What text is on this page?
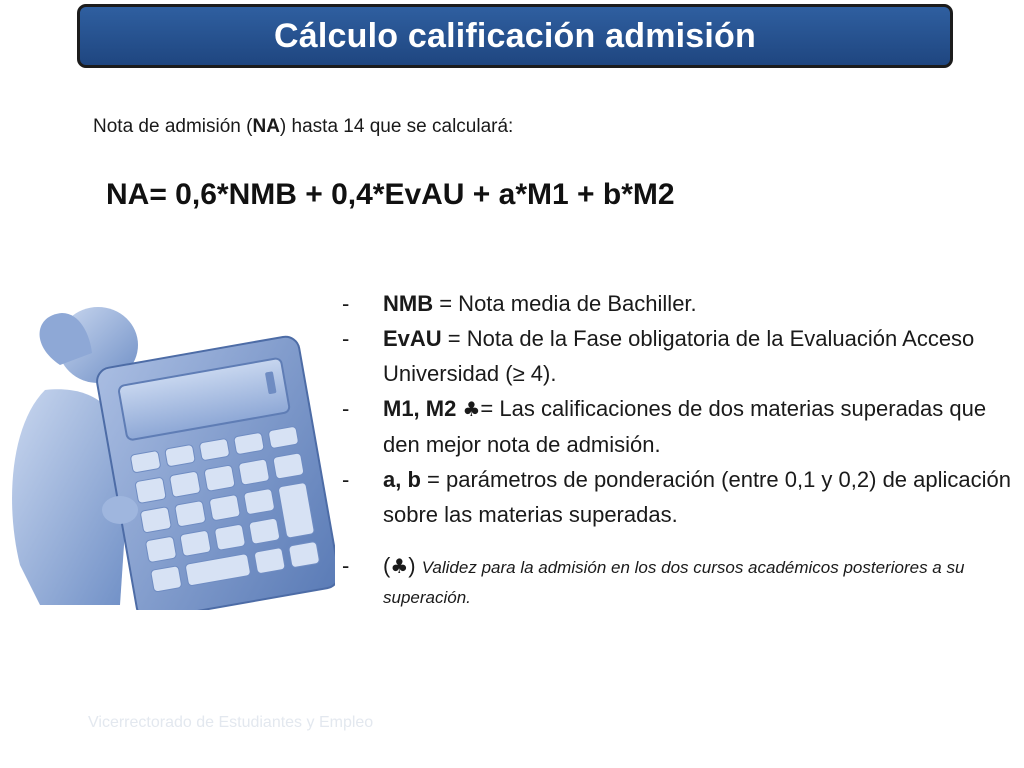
Cálculo calificación admisión
Nota de admisión (NA) hasta 14 que se calculará:
NA= 0,6*NMB + 0,4*EvAU + a*M1 + b*M2
- NMB = Nota media de Bachiller.
- EvAU = Nota de la Fase obligatoria de la Evaluación Acceso Universidad (≥ 4).
- M1, M2 ♣= Las calificaciones de dos materias superadas que den mejor nota de admisión.
- a, b = parámetros de ponderación (entre 0,1 y 0,2) de aplicación sobre las materias superadas.
- (♣) Validez para la admisión en los dos cursos académicos posteriores a su superación.
Vicerrectorado de Estudiantes y Empleo
